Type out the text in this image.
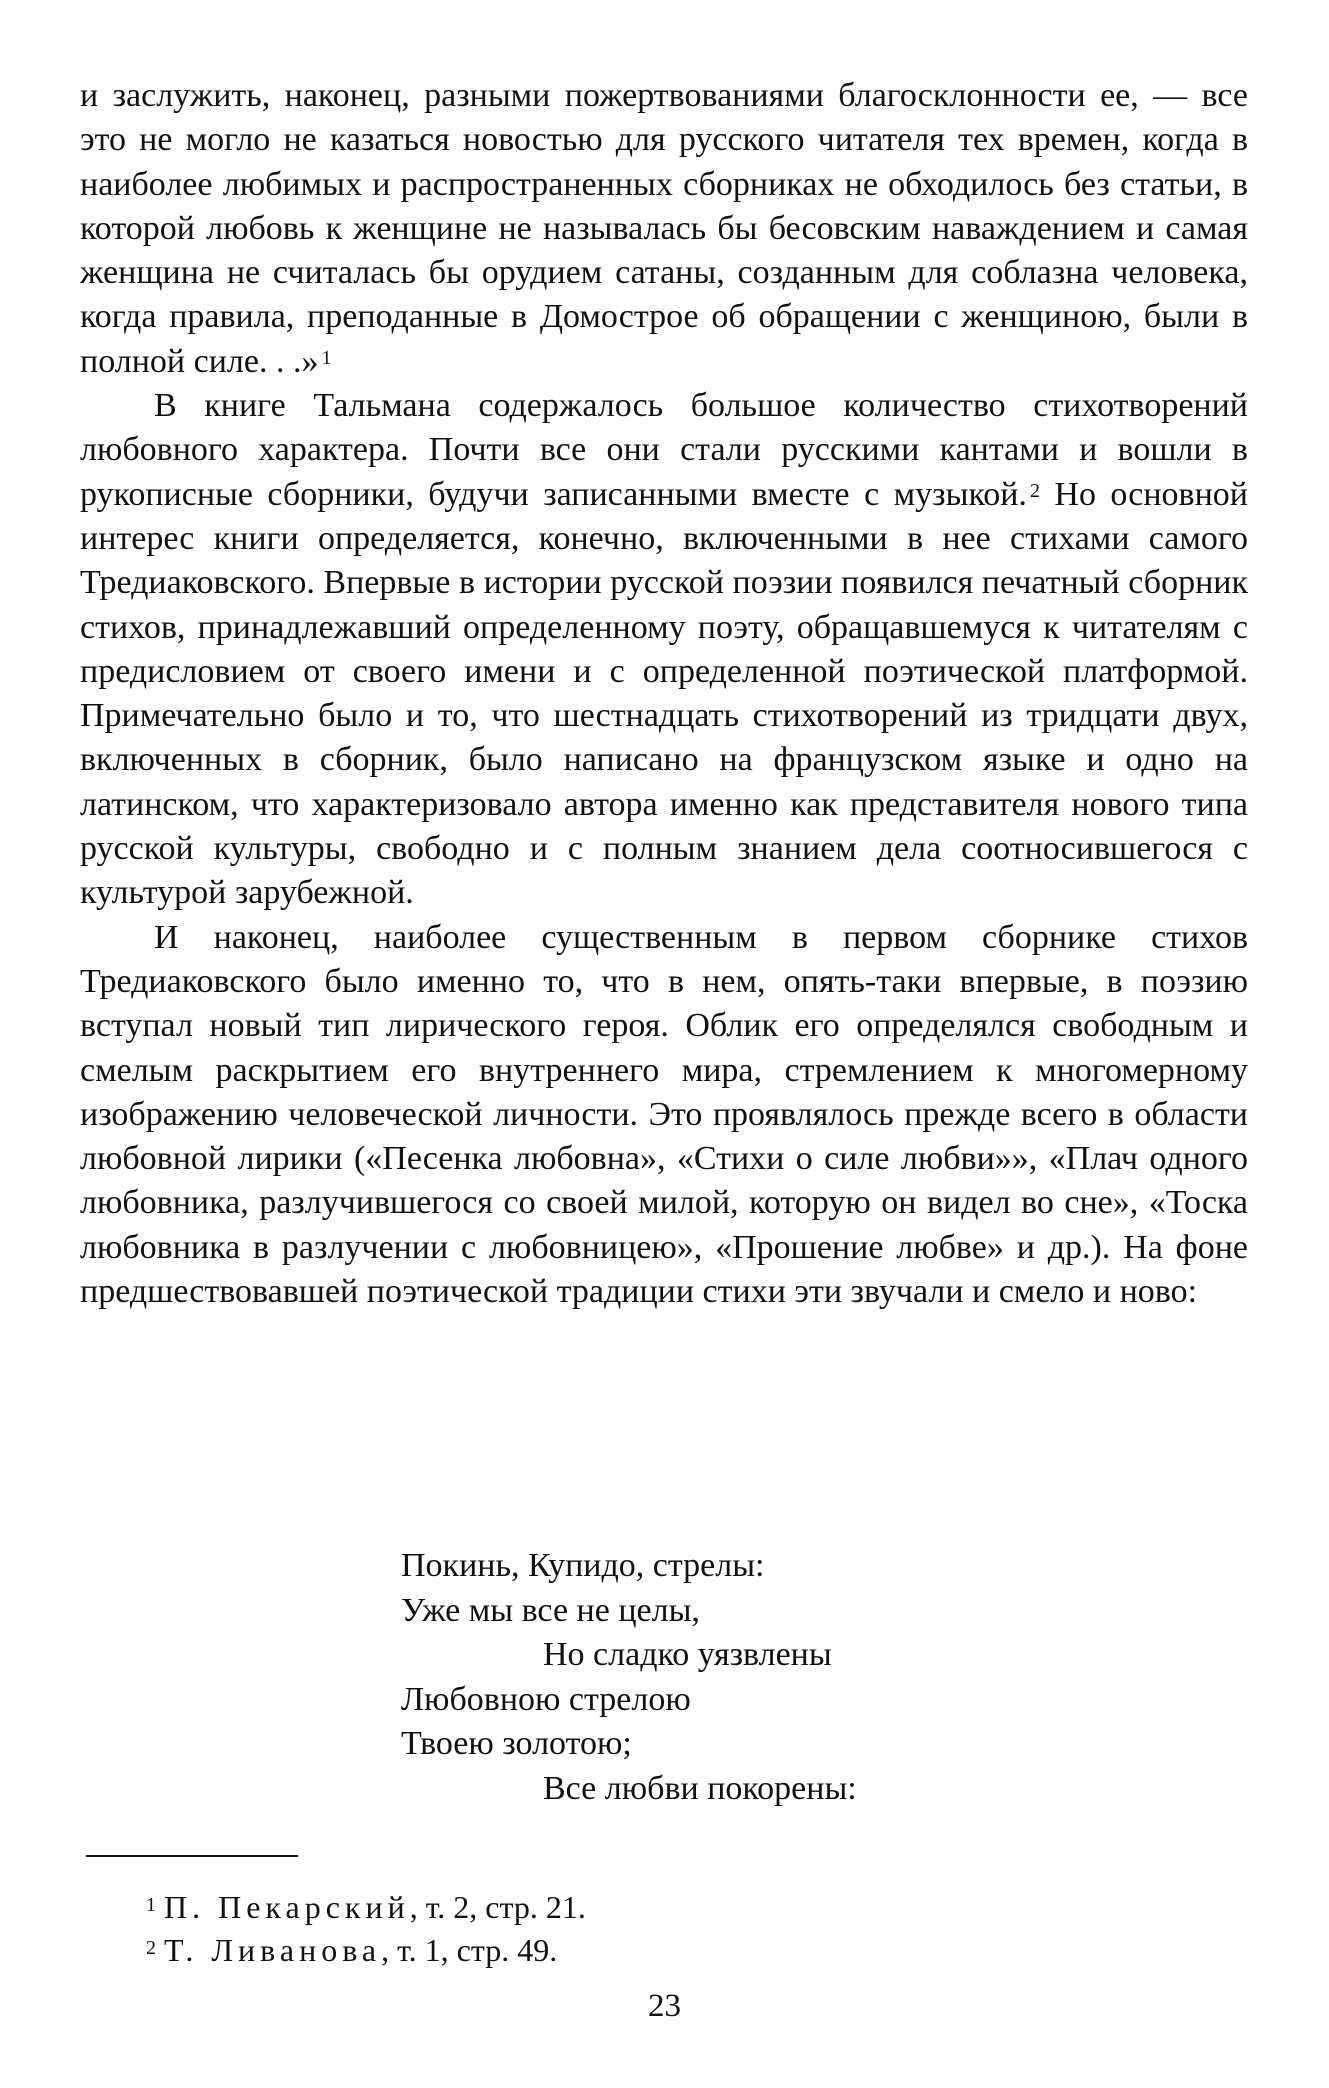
и заслужить, наконец, разными пожертвованиями благосклонности ее, — все это не могло не казаться новостью для русского читателя тех времен, когда в наиболее любимых и распространенных сборниках не обходилось без статьи, в которой любовь к женщине не называлась бы бесовским наваждением и самая женщина не считалась бы орудием сатаны, созданным для соблазна человека, когда правила, преподанные в Домострое об обращении с женщиною, были в полной силе. . .» $^1$

В книге Тальмана содержалось большое количество стихотворений любовного характера. Почти все они стали русскими кантами и вошли в рукописные сборники, будучи записанными вместе с музыкой. $^2$ Но основной интерес книги определяется, конечно, включенными в нее стихами самого Тредиаковского. Впервые в истории русской поэзии появился печатный сборник стихов, принадлежавший определенному поэту, обращавшемуся к читателям с предисловием от своего имени и с определенной поэтической платформой. Примечательно было и то, что шестнадцать стихотворений из тридцати двух, включенных в сборник, было написано на французском языке и одно на латинском, что характеризовало автора именно как представителя нового типа русской культуры, свободно и с полным знанием дела соотносившегося с культурой зарубежной.

И наконец, наиболее существенным в первом сборнике стихов Тредиаковского было именно то, что в нем, опять-таки впервые, в поэзию вступал новый тип лирического героя. Облик его определялся свободным и смелым раскрытием его внутреннего мира, стремлением к многомерному изображению человеческой личности. Это проявлялось прежде всего в области любовной лирики («Песенка любовна», «Стихи о силе любви»», «Плач одного любовника, разлучившегося со своей милой, которую он видел во сне», «Тоска любовника в разлучении с любовницею», «Прошение любве» и др.). На фоне предшествовавшей поэтической традиции стихи эти звучали и смело и ново:

Покинь, Купидо, стрелы:
Уже мы все не целы,
Но сладко уязвлены
Любовною стрелою
Твоею золотою;
Все любви покорены:
$^1$ П. Пекарский, т. 2, стр. 21.
$^2$ Т. Ливанова, т. 1, стр. 49.
23
